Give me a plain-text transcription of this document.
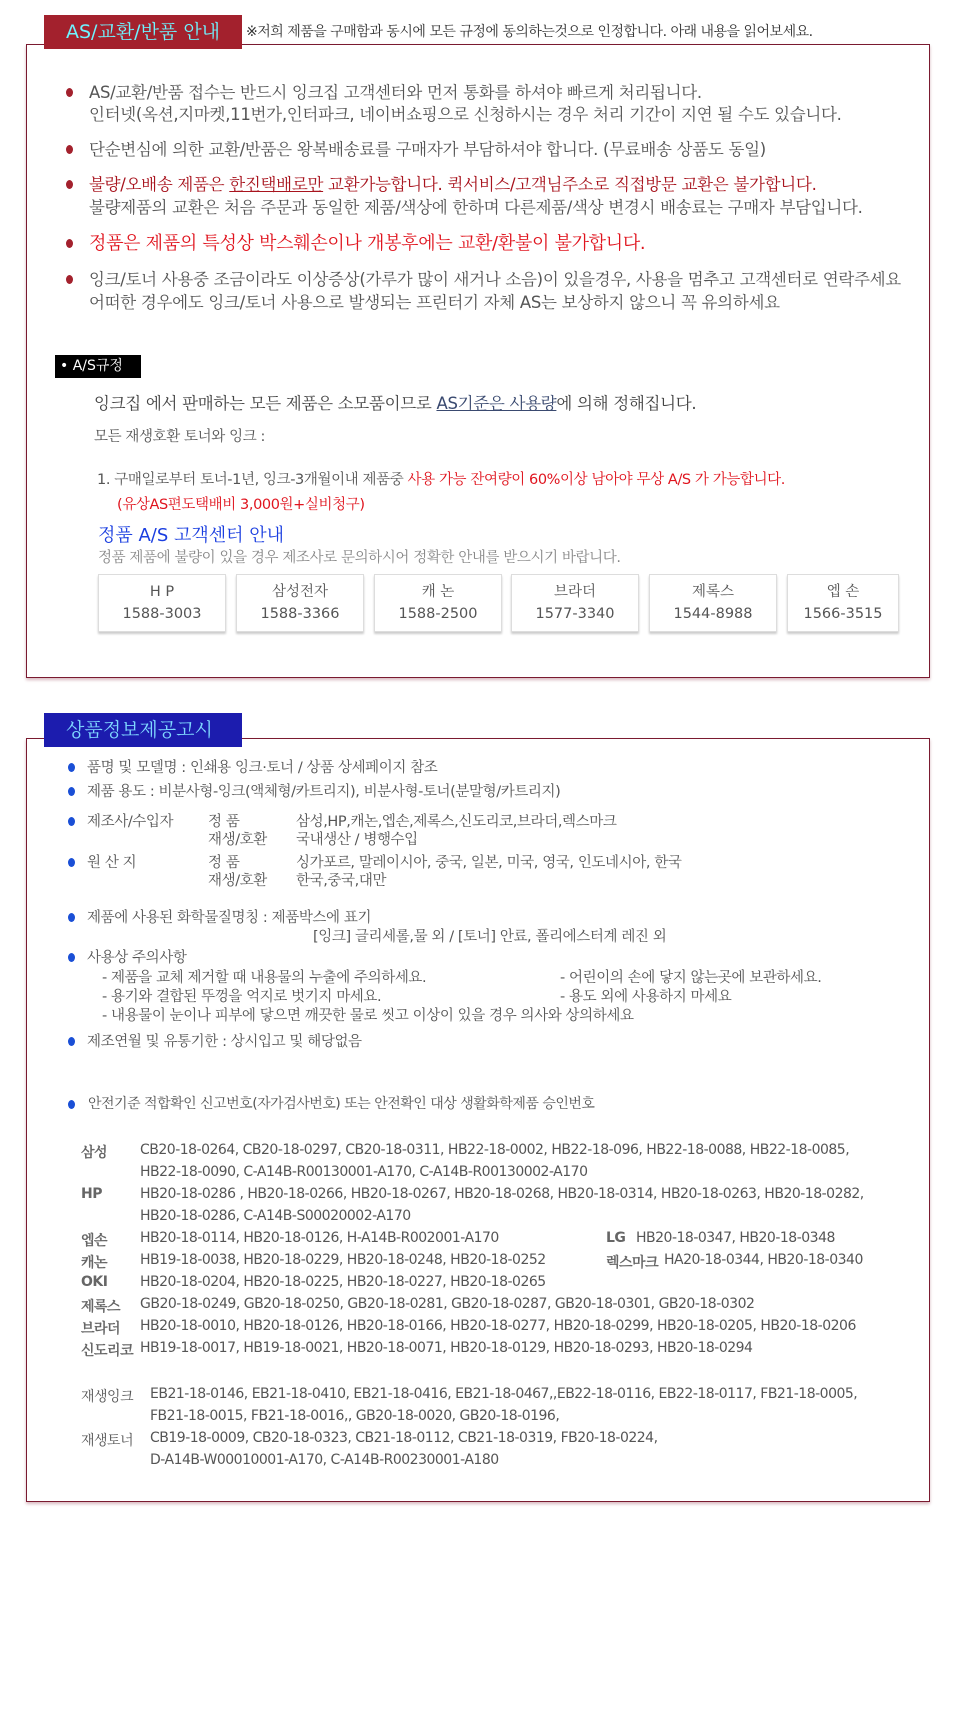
AS/교환/반품 안내	※저희 제품을 구매함과 동시에 모든 규정에 동의하는것으로 인정합니다. 아래 내용을 읽어보세요.
AS/교환/반품 접수는 반드시 잉크집 고객센터와 먼저 통화를 하셔야 빠르게 처리됩니다.
인터넷(옥션,지마켓,11번가,인터파크, 네이버쇼핑으로 신청하시는 경우 처리 기간이 지연 될 수도 있습니다.
단순변심에 의한 교환/반품은 왕복배송료를 구매자가 부담하셔야 합니다. (무료배송 상품도 동일)
불량/오배송 제품은 한진택배로만 교환가능합니다. 퀵서비스/고객님주소로 직접방문 교환은 불가합니다.
불량제품의 교환은 처음 주문과 동일한 제품/색상에 한하며 다른제품/색상 변경시 배송료는 구매자 부담입니다.
정품은 제품의 특성상 박스훼손이나 개봉후에는 교환/환불이 불가합니다.
잉크/토너 사용중 조금이라도 이상증상(가루가 많이 새거나 소음)이 있을경우, 사용을 멈추고 고객센터로 연락주세요
어떠한 경우에도 잉크/토너 사용으로 발생되는 프린터기 자체 AS는 보상하지 않으니 꼭 유의하세요
• A/S규정
잉크집 에서 판매하는 모든 제품은 소모품이므로 AS기준은 사용량에 의해 정해집니다.
모든 재생호환 토너와 잉크 :
1. 구매일로부터 토너-1년, 잉크-3개월이내 제품중 사용 가능 잔여량이 60%이상 남아야 무상 A/S 가 가능합니다.
(유상AS편도택배비 3,000원+실비청구)
정품 A/S 고객센터 안내
정품 제품에 불량이 있을 경우 제조사로 문의하시어 정확한 안내를 받으시기 바랍니다.
H P
1588-3003
삼성전자
1588-3366
캐 논
1588-2500
브라더
1577-3340
제록스
1544-8988
엡 손
1566-3515
상품정보제공고시
품명 및 모델명 : 인쇄용 잉크·토너 / 상품 상세페이지 참조
제품 용도 : 비분사형-잉크(액체형/카트리지), 비분사형-토너(분말형/카트리지)
제조사/수입자 정 품	삼성,HP,캐논,엡손,제록스,신도리코,브라더,렉스마크
재생/호환 국내생산 / 병행수입
원 산 지	정 품	싱가포르, 말레이시아, 중국, 일본, 미국, 영국, 인도네시아, 한국
재생/호환 한국,중국,대만
제품에 사용된 화학물질명칭 : 제품박스에 표기
[잉크] 글리세롤,물 외 / [토너] 안료, 폴리에스터계 레진 외
사용상 주의사항
- 제품을 교체 제거할 때 내용물의 누출에 주의하세요.	- 어린이의 손에 닿지 않는곳에 보관하세요.
- 용기와 결합된 뚜껑을 억지로 벗기지 마세요.	- 용도 외에 사용하지 마세요
- 내용물이 눈이나 피부에 닿으면 깨끗한 물로 씻고 이상이 있을 경우 의사와 상의하세요
제조연월 및 유통기한 : 상시입고 및 해당없음
안전기준 적합확인 신고번호(자가검사번호) 또는 안전확인 대상 생활화학제품 승인번호
삼성 CB20-18-0264, CB20-18-0297, CB20-18-0311, HB22-18-0002, HB22-18-096, HB22-18-0088, HB22-18-0085,
HB22-18-0090, C-A14B-R00130001-A170, C-A14B-R00130002-A170
HP	HB20-18-0286 , HB20-18-0266, HB20-18-0267, HB20-18-0268, HB20-18-0314, HB20-18-0263, HB20-18-0282,
HB20-18-0286, C-A14B-S00020002-A170
엡손 HB20-18-0114, HB20-18-0126, H-A14B-R002001-A170	LG HB20-18-0347, HB20-18-0348
캐논 HB19-18-0038, HB20-18-0229, HB20-18-0248, HB20-18-0252	렉스마크 HA20-18-0344, HB20-18-0340
OKI HB20-18-0204, HB20-18-0225, HB20-18-0227, HB20-18-0265
제록스 GB20-18-0249, GB20-18-0250, GB20-18-0281, GB20-18-0287, GB20-18-0301, GB20-18-0302
브라더 HB20-18-0010, HB20-18-0126, HB20-18-0166, HB20-18-0277, HB20-18-0299, HB20-18-0205, HB20-18-0206
신도리코 HB19-18-0017, HB19-18-0021, HB20-18-0071, HB20-18-0129, HB20-18-0293, HB20-18-0294
재생잉크 EB21-18-0146, EB21-18-0410, EB21-18-0416, EB21-18-0467,,EB22-18-0116, EB22-18-0117, FB21-18-0005,
FB21-18-0015, FB21-18-0016,, GB20-18-0020, GB20-18-0196,
재생토너 CB19-18-0009, CB20-18-0323, CB21-18-0112, CB21-18-0319, FB20-18-0224,
D-A14B-W00010001-A170, C-A14B-R00230001-A180
